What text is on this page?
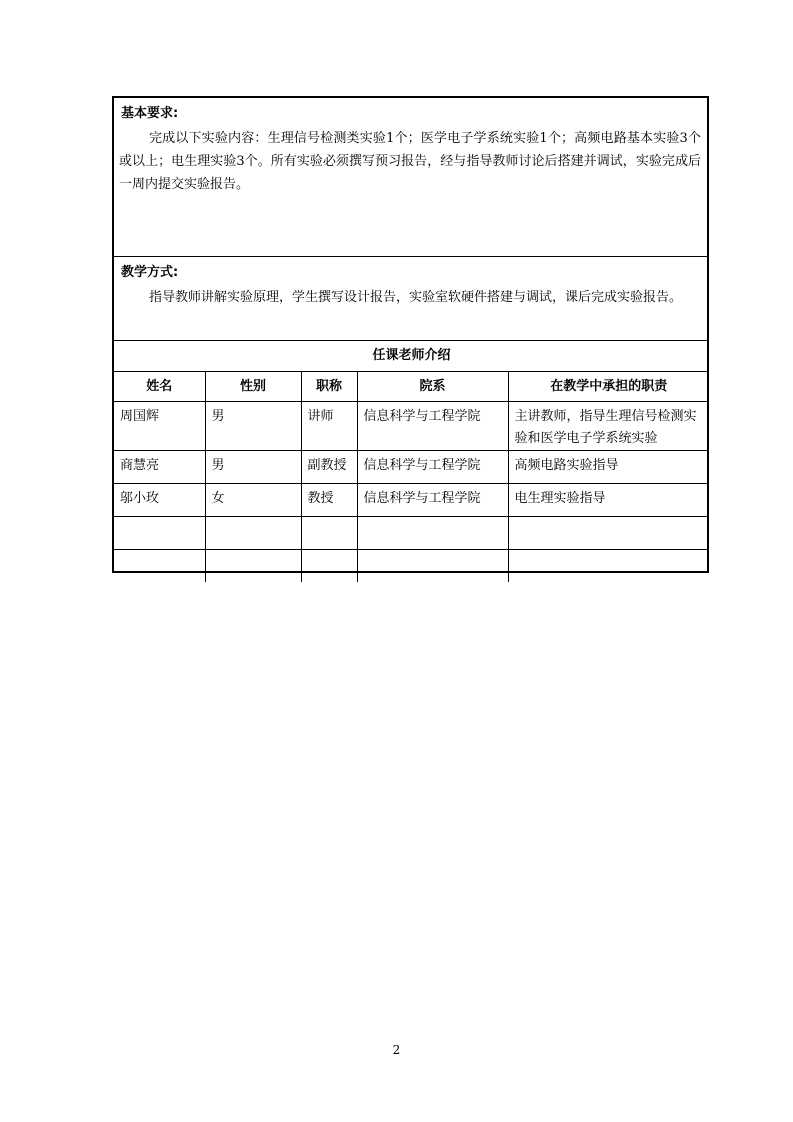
基本要求:
完成以下实验内容：生理信号检测类实验1个；医学电子学系统实验1个；高频电路基本实验3个或以上；电生理实验3个。所有实验必须撰写预习报告，经与指导教师讨论后搭建并调试，实验完成后一周内提交实验报告。
教学方式:
指导教师讲解实验原理，学生撰写设计报告，实验室软硬件搭建与调试，课后完成实验报告。
任课老师介绍				
姓名	性别	职称	院系	在教学中承担的职责
周国辉	男	讲师	信息科学与工程学院	主讲教师，指导生理信号检测实验和医学电子学系统实验
商慧亮	男	副教授	信息科学与工程学院	高频电路实验指导
邬小玫	女	教授	信息科学与工程学院	电生理实验指导

2
